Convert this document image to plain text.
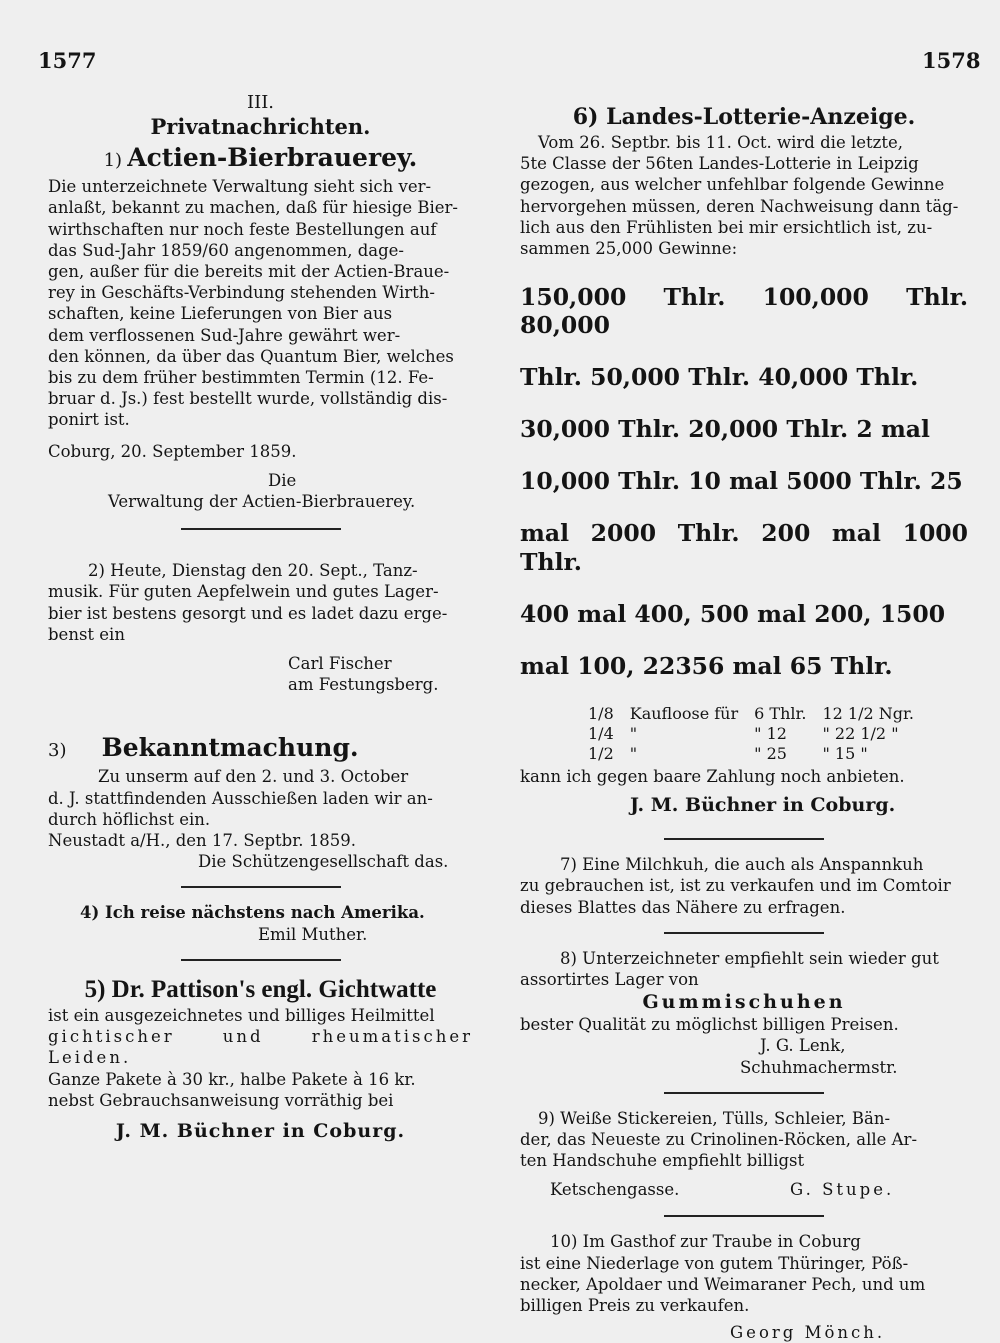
1577	1578

III.

Privatnachrichten.

1) Actien-Bierbrauerey.

Die unterzeichnete Verwaltung sieht sich ver-

anlaßt, bekannt zu machen, daß für hiesige Bier-

wirthschaften nur noch feste Bestellungen auf

das Sud-Jahr 1859/60 angenommen, dage-

gen, außer für die bereits mit der Actien-Braue-

rey in Geschäfts-Verbindung stehenden Wirth-

schaften, keine Lieferungen von Bier aus

dem verflossenen Sud-Jahre gewährt wer-

den können, da über das Quantum Bier, welches

bis zu dem früher bestimmten Termin (12. Fe-

bruar d. Js.) fest bestellt wurde, vollständig dis-

ponirt ist.

Coburg, 20. September 1859.

Die

Verwaltung der Actien-Bierbrauerey.

2) Heute, Dienstag den 20. Sept., Tanz-

musik. Für guten Aepfelwein und gutes Lager-

bier ist bestens gesorgt und es ladet dazu erge-

benst ein

Carl Fischer

am Festungsberg.

3) Bekanntmachung.

Zu unserm auf den 2. und 3. October

d. J. stattfindenden Ausschießen laden wir an-

durch höflichst ein.

Neustadt a/H., den 17. Septbr. 1859.

Die Schützengesellschaft das.

4) Ich reise nächstens nach Amerika.

Emil Muther.

5) Dr. Pattison's engl. Gichtwatte

ist ein ausgezeichnetes und billiges Heilmittel

gichtischer und rheumatischer Leiden.

Ganze Pakete à 30 kr., halbe Pakete à 16 kr.

nebst Gebrauchsanweisung vorräthig bei

J. M. Büchner in Coburg.

6) Landes-Lotterie-Anzeige.

Vom 26. Septbr. bis 11. Oct. wird die letzte,

5te Classe der 56ten Landes-Lotterie in Leipzig

gezogen, aus welcher unfehlbar folgende Gewinne

hervorgehen müssen, deren Nachweisung dann täg-

lich aus den Frühlisten bei mir ersichtlich ist, zu-

sammen 25,000 Gewinne:

150,000 Thlr. 100,000 Thlr. 80,000

Thlr. 50,000 Thlr. 40,000 Thlr.

30,000 Thlr. 20,000 Thlr. 2 mal

10,000 Thlr. 10 mal 5000 Thlr. 25

mal 2000 Thlr. 200 mal 1000 Thlr.

400 mal 400, 500 mal 200, 1500

mal 100, 22356 mal 65 Thlr.

1/8	Kaufloose für	6 Thlr.	12 1/2 Ngr.
1/4	"	" 12	" 22 1/2 "
1/2	"	" 25	" 15 "

kann ich gegen baare Zahlung noch anbieten.

J. M. Büchner in Coburg.

7) Eine Milchkuh, die auch als Anspannkuh

zu gebrauchen ist, ist zu verkaufen und im Comtoir

dieses Blattes das Nähere zu erfragen.

8) Unterzeichneter empfiehlt sein wieder gut

assortirtes Lager von

Gummischuhen

bester Qualität zu möglichst billigen Preisen.

J. G. Lenk,

Schuhmachermstr.

9) Weiße Stickereien, Tülls, Schleier, Bän-

der, das Neueste zu Crinolinen-Röcken, alle Ar-

ten Handschuhe empfiehlt billigst

Ketschengasse.	G. Stupe.

10) Im Gasthof zur Traube in Coburg

ist eine Niederlage von gutem Thüringer, Pöß-

necker, Apoldaer und Weimaraner Pech, und um

billigen Preis zu verkaufen.

Georg Mönch.
